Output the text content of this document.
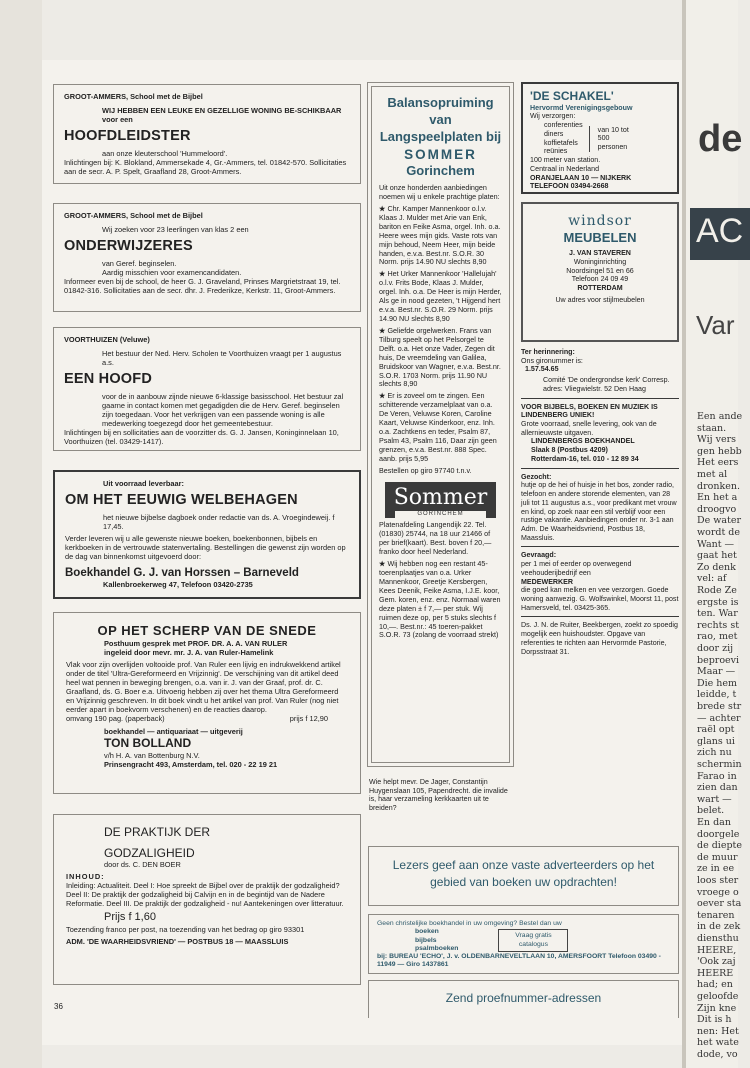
GROOT-AMMERS, School met de Bijbel
WIJ HEBBEN EEN LEUKE EN GEZELLIGE WONING BE-SCHIKBAAR voor een
HOOFDLEIDSTER
aan onze kleuterschool 'Hummeloord'.
Inlichtingen bij: K. Blokland, Ammersekade 4, Gr.-Ammers, tel. 01842-570. Sollicitaties aan de secr. A. P. Spelt, Graafland 28, Groot-Ammers.
GROOT-AMMERS, School met de Bijbel
Wij zoeken voor 23 leerlingen van klas 2 een
ONDERWIJZERES
van Geref. beginselen.
Aardig misschien voor examencandidaten.
Informeer even bij de school, de heer G. J. Graveland, Prinses Margrietstraat 19, tel. 01842-316. Sollicitaties aan de secr. dhr. J. Frederikze, Kerkstr. 11, Groot-Ammers.
VOORTHUIZEN (Veluwe)
Het bestuur der Ned. Herv. Scholen te Voorthuizen vraagt per 1 augustus a.s.
EEN HOOFD
voor de in aanbouw zijnde nieuwe 6-klassige basisschool. Het bestuur zal gaarne in contact komen met gegadigden die de Herv. Geref. beginselen zijn toegedaan. Voor het verkrijgen van een passende woning is alle medewerking toegezegd door het gemeentebestuur.
Inlichtingen bij en sollicitaties aan de voorzitter ds. G. J. Jansen, Koninginnelaan 10, Voorthuizen (tel. 03429-1417).
Uit voorraad leverbaar:
OM HET EEUWIG WELBEHAGEN
het nieuwe bijbelse dagboek onder redactie van ds. A. Vroegindeweij. f 17,45.
Verder leveren wij u alle gewenste nieuwe boeken, boekenbonnen, bijbels en kerkboeken in de vertrouwde statenvertaling. Bestellingen die gewenst zijn worden op de dag van binnenkomst uitgevoerd door:
Boekhandel G. J. van Horssen – Barneveld
Kallenbroekerweg 47, Telefoon 03420-2735
OP HET SCHERP VAN DE SNEDE
Posthuum gesprek met PROF. DR. A. A. VAN RULER
ingeleid door mevr. mr. J. A. van Ruler-Hamelink
Vlak voor zijn overlijden voltooide prof. Van Ruler een lijvig en indrukwekkend artikel onder de titel 'Ultra-Gereformeerd en Vrijzinnig'. De verschijning van dit artikel deed heel wat pennen in beweging brengen, o.a. van ir. J. van der Graaf, prof. dr. C. Graafland, ds. G. Boer e.a. Uitvoerig hebben zij over het thema Ultra Gereformeerd en Vrijzinnig geschreven. In dit boek vindt u het artikel van prof. Van Ruler (nog niet eerder apart in boekvorm verschenen) en de reacties daarop.
omvang 190 pag. (paperback)	prijs f 12,90
boekhandel — antiquariaat — uitgeverij
TON BOLLAND
v/h H. A. van Bottenburg N.V.
Prinsengracht 493, Amsterdam, tel. 020 - 22 19 21
DE PRAKTIJK DER
GODZALIGHEID
door ds. C. DEN BOER
INHOUD:
Inleiding: Actualiteit. Deel I: Hoe spreekt de Bijbel over de praktijk der godzaligheid? Deel II: De praktijk der godzaligheid bij Calvijn en in de begintijd van de Nadere Reformatie. Deel III. De praktijk der godzaligheid - nu! Aantekeningen over litteratuur.
Prijs f 1,60
Toezending franco per post, na toezending van het bedrag op giro 93301
ADM. 'DE WAARHEIDSVRIEND' — POSTBUS 18 — MAASSLUIS
Balansopruiming
van
Langspeelplaten bij
SOMMER
Gorinchem
Uit onze honderden aanbiedingen noemen wij u enkele prachtige platen:
★ Chr. Kamper Mannenkoor o.l.v. Klaas J. Mulder met Arie van Enk, bariton en Feike Asma, orgel. Inh. o.a. Heere wees mijn gids. Vaste rots van mijn behoud, Neem Heer, mijn beide handen, e.v.a. Best.nr. S.O.R. 30 Norm. prijs 14.90 NU slechts 8,90
★ Het Urker Mannenkoor 'Hallelujah' o.l.v. Frits Bode, Klaas J. Mulder, orgel. Inh. o.a. De Heer is mijn Herder, Als ge in nood gezeten, 't Hijgend hert e.v.a. Best.nr. S.O.R. 29 Norm. prijs 14.90 NU slechts 8,90
★ Geliefde orgelwerken. Frans van Tilburg speelt op het Pelsorgel te Delft. o.a. Het onze Vader, Zegen dit huis, De vreemdeling van Galilea, Bruidskoor van Wagner, e.v.a. Best.nr. S.O.R. 1703 Norm. prijs 11.90 NU slechts 8,90
★ Er is zoveel om te zingen. Een schitterende verzamelplaat van o.a. De Veren, Veluwse Koren, Caroline Kaart, Veluwse Kinderkoor, enz. Inh. o.a. Zachtkens en teder, Psalm 87, Psalm 43, Psalm 116, Daar zijn geen grenzen, e.v.a. Best.nr. 888 Spec. aanb. prijs 5,95
Bestellen op giro 97740 t.n.v.
Sommer
GORINCHEM
Platenafdeling Langendijk 22. Tel. (01830) 25744, na 18 uur 21466 of per brief(kaart). Best. boven f 20,— franko door heel Nederland.
★ Wij hebben nog een restant 45-toerenplaatjes van o.a. Urker Mannenkoor, Greetje Kersbergen, Kees Deenik, Feike Asma, I.J.E. koor, Gem. koren, enz. enz. Normaal waren deze platen ± f 7,— per stuk. Wij ruimen deze op, per 5 stuks slechts f 10,—. Best.nr.: 45 toeren-pakket S.O.R. 73 (zolang de voorraad strekt)
Wie helpt mevr. De Jager, Constantijn Huygenslaan 105, Papendrecht. die invalide is, haar verzameling kerkkaarten uit te breiden?
'DE SCHAKEL'
Hervormd Verenigingsgebouw
Wij verzorgen:
conferenties
diners
koffietafels
reünies
van 10 tot 500 personen
100 meter van station.
Centraal in Nederland
ORANJELAAN 10 — NIJKERK TELEFOON 03494-2668
windsor
MEUBELEN
J. VAN STAVEREN
Woninginrichting
Noordsingel 51 en 66
Telefoon 24 09 49
ROTTERDAM
Uw adres voor stijlmeubelen
Ter herinnering:
Ons gironummer is:
1.57.54.65
Comité 'De ondergrondse kerk' Corresp. adres: Vliegwielstr. 52 Den Haag
VOOR BIJBELS, BOEKEN EN MUZIEK IS LINDENBERG UNIEK!
Grote voorraad, snelle levering, ook van de allernieuwste uitgaven.
LINDENBERGS BOEKHANDEL
Slaak 8 (Postbus 4209)
Rotterdam-16, tel. 010 - 12 89 34
Gezocht:
hutje op de hei of huisje in het bos, zonder radio, telefoon en andere storende elementen, van 28 juli tot 11 augustus a.s., voor predikant met vrouw en kind, op zoek naar een stil verblijf voor een rustige vakantie. Aanbiedingen onder nr. 3-1 aan Adm. De Waarheidsvriend, Postbus 18, Maassluis.
Gevraagd:
per 1 mei of eerder op overwegend veehouderijbedrijf een
MEDEWERKER
die goed kan melken en vee verzorgen. Goede woning aanwezig. G. Wolfswinkel, Moorst 11, post Hamersveld, tel. 03425-365.
Ds. J. N. de Ruiter, Beekbergen, zoekt zo spoedig mogelijk een huishoudster. Opgave van referenties te richten aan Hervormde Pastorie, Dorpsstraat 31.
Lezers geef aan onze vaste adverteerders op het gebied van boeken uw opdrachten!
Geen christelijke boekhandel in uw omgeving? Bestel dan uw
boeken
bijbels
psalmboeken
Vraag gratis catalogus
bij: BUREAU 'ECHO', J. v. OLDENBARNEVELTLAAN 10, AMERSFOORT Telefoon 03490 - 11949 — Giro 1437861
Zend proefnummer-adressen
36
de
AC
Var
Een ande
staan.
Wij vers
gen hebb
Het eers
met al
dronken.
En het a
droogvo
De water
wordt de
Want —
gaat het
Zo denk
vel: af
Rode Ze
ergste is
ten. War
rechts st
rao, met
door zij
beproevi
Maar —
Die hem
leidde, t
brede str
— achter
raël opt
glans ui
zich nu
schermin
Farao in
zien dan
wart —
belet.
En dan
doorgele
de diepte
de muur
ze in ee
loos ster
vroege o
oever sta
tenaren
in de zek
diensthu
HEERE,
'Ook zaj
HEERE
had; en
geloofde
Zijn kne
Dit is h
nen: Het
het wate
dode, vo
